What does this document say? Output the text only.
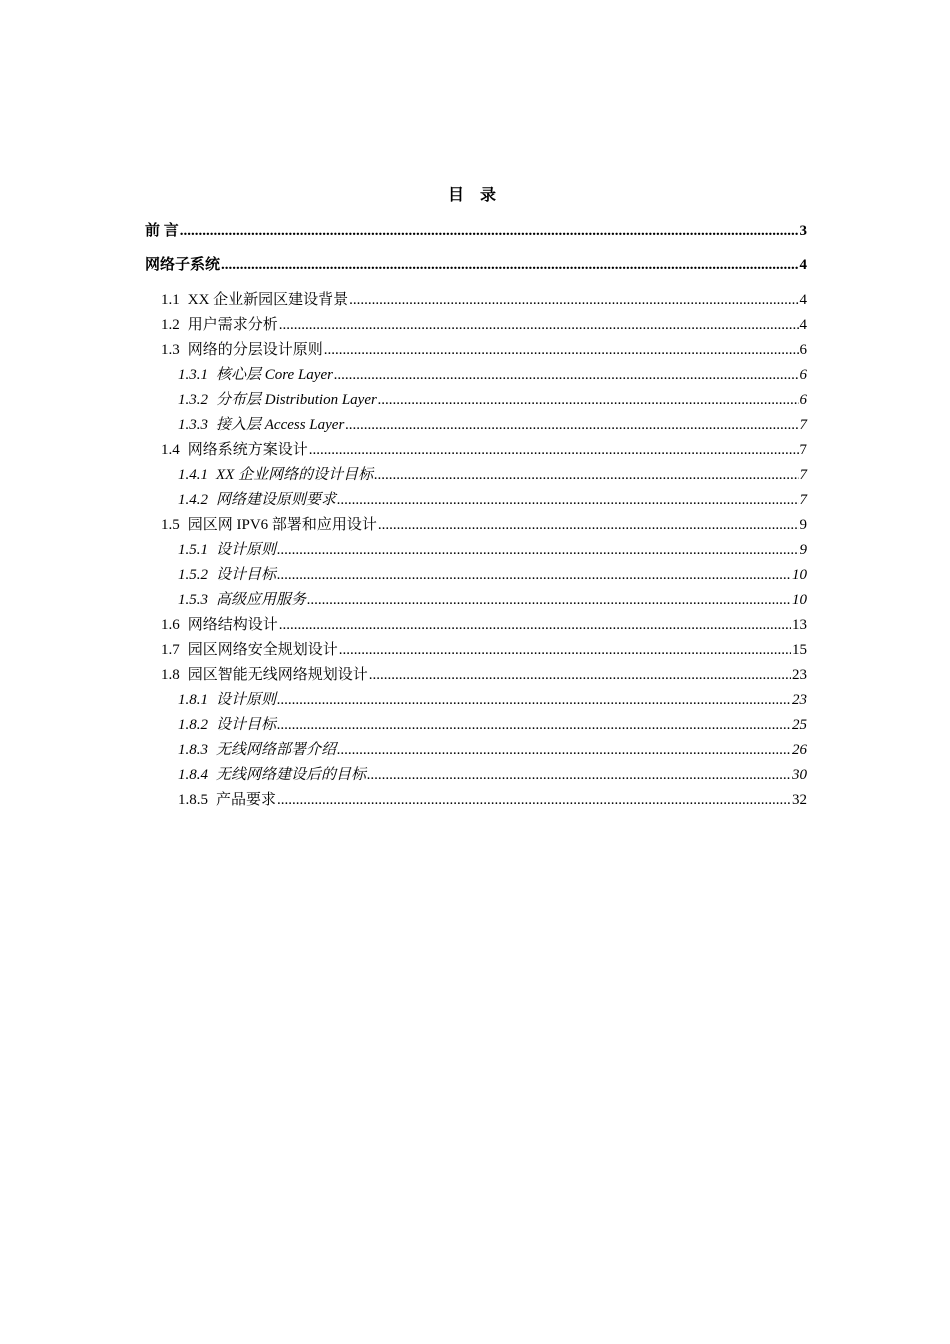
目 录
前 言 .....	3
网络子系统 .....	4
1.1 XX 企业新园区建设背景 .....	4
1.2 用户需求分析 .....	4
1.3 网络的分层设计原则 .....	6
1.3.1 核心层 Core Layer .....	6
1.3.2 分布层 Distribution Layer .....	6
1.3.3 接入层 Access Layer .....	7
1.4 网络系统方案设计 .....	7
1.4.1 XX 企业网络的设计目标 .....	7
1.4.2 网络建设原则要求 .....	7
1.5 园区网 IPV6 部署和应用设计 .....	9
1.5.1 设计原则 .....	9
1.5.2 设计目标 .....	10
1.5.3 高级应用服务 .....	10
1.6 网络结构设计 .....	13
1.7 园区网络安全规划设计 .....	15
1.8 园区智能无线网络规划设计 .....	23
1.8.1 设计原则 .....	23
1.8.2 设计目标 .....	25
1.8.3 无线网络部署介绍 .....	26
1.8.4 无线网络建设后的目标 .....	30
1.8.5 产品要求 .....	32
